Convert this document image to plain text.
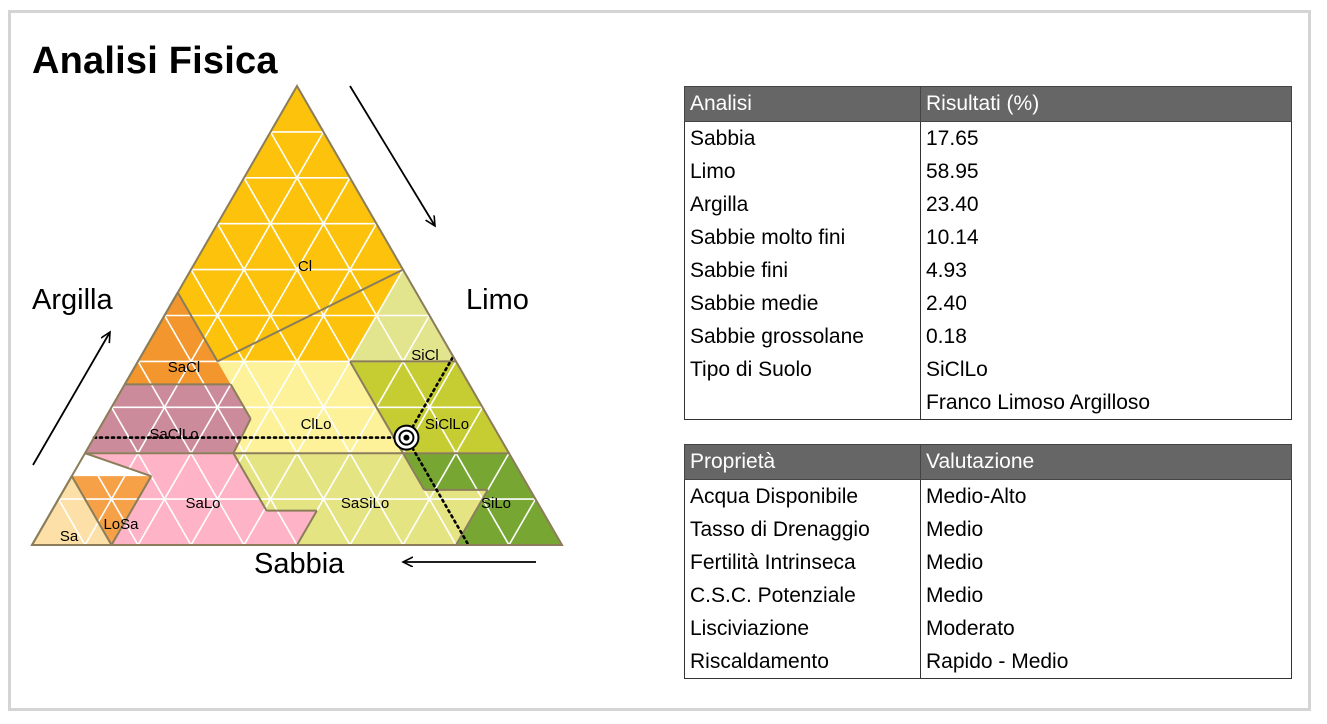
Analisi Fisica
Cl
SaCl
SiCl
SaClLo
ClLo	SiClLo
SaLo	SaSiLo	SiLo
Sa
LoSa
Argilla	Limo
Sabbia
Analisi	Risultati (%)
Sabbia	17.65
Limo	58.95
Argilla	23.40
Sabbie molto fini	10.14
Sabbie fini	4.93
Sabbie medie	2.40
Sabbie grossolane	0.18
Tipo di Suolo	SiClLo
	Franco Limoso Argilloso
Proprietà	Valutazione
Acqua Disponibile	Medio-Alto
Tasso di Drenaggio	Medio
Fertilità Intrinseca	Medio
C.S.C. Potenziale	Medio
Lisciviazione	Moderato
Riscaldamento	Rapido - Medio
